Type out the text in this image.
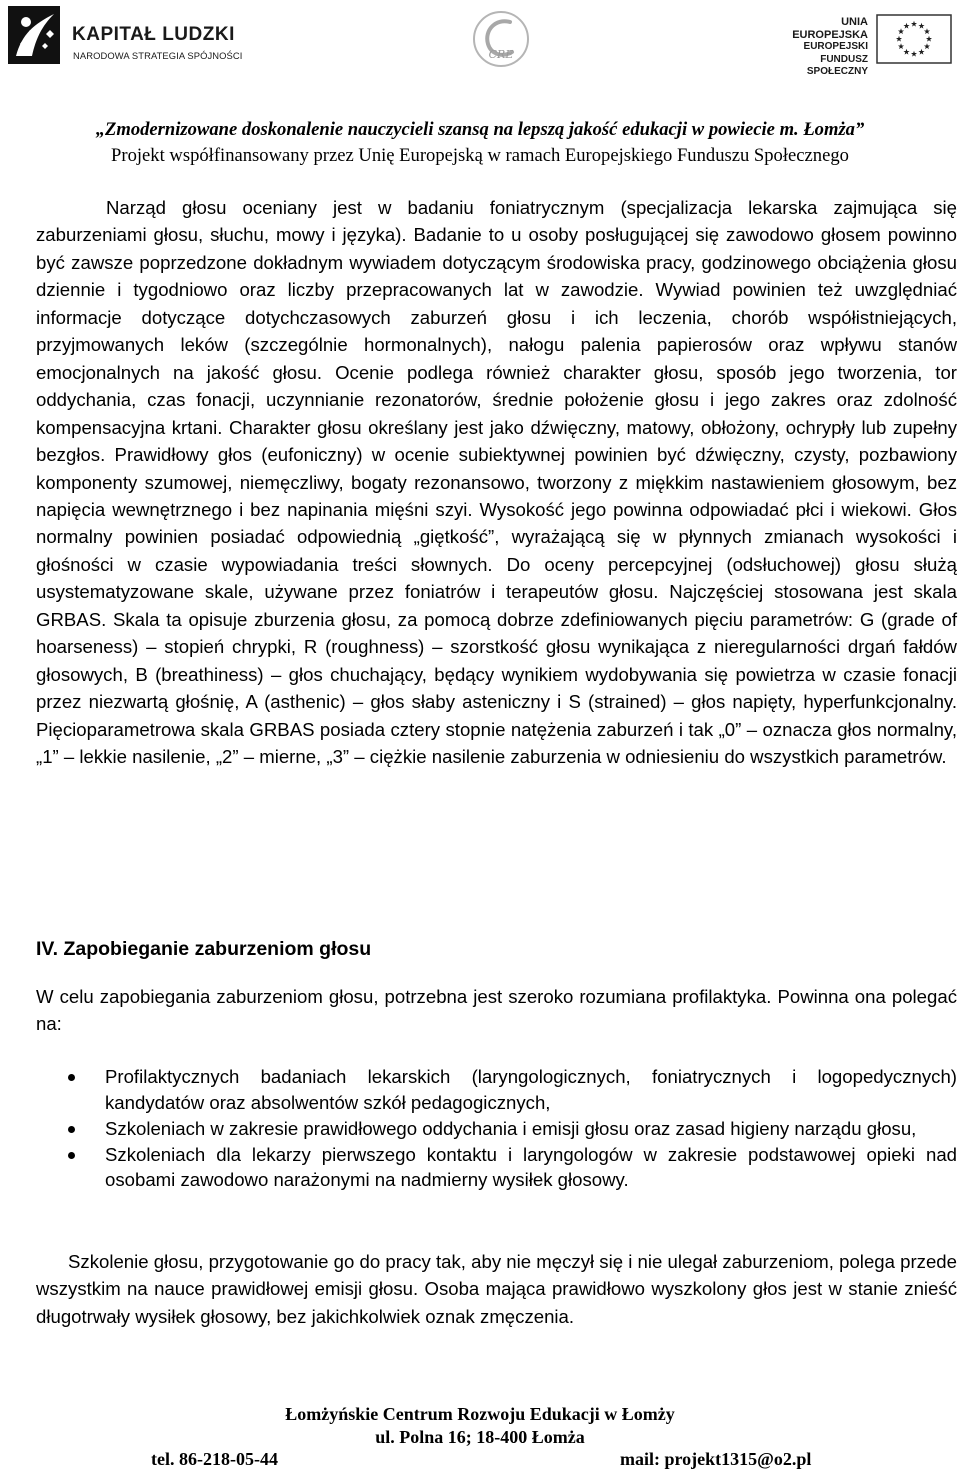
KAPITAŁ LUDZKI
NARODOWA STRATEGIA SPÓJNOŚCI	CRE
UNIA EUROPEJSKA
EUROPEJSKI
FUNDUSZ SPOŁECZNY
„Zmodernizowane doskonalenie nauczycieli szansą na lepszą jakość edukacji w powiecie m. Łomża”
Projekt współfinansowany przez Unię Europejską w ramach Europejskiego Funduszu Społecznego
Narząd głosu oceniany jest w badaniu foniatrycznym (specjalizacja lekarska zajmująca się zaburzeniami głosu, słuchu, mowy i języka). Badanie to u osoby posługującej się zawodowo głosem powinno być zawsze poprzedzone dokładnym wywiadem dotyczącym środowiska pracy, godzinowego obciążenia głosu dziennie i tygodniowo oraz liczby przepracowanych lat w zawodzie. Wywiad powinien też uwzględniać informacje dotyczące dotychczasowych zaburzeń głosu i ich leczenia, chorób współistniejących, przyjmowanych leków (szczególnie hormonalnych), nałogu palenia papierosów oraz wpływu stanów emocjonalnych na jakość głosu. Ocenie podlega również charakter głosu, sposób jego tworzenia, tor oddychania, czas fonacji, uczynnianie rezonatorów, średnie położenie głosu i jego zakres oraz zdolność kompensacyjna krtani. Charakter głosu określany jest jako dźwięczny, matowy, obłożony, ochrypły lub zupełny bezgłos. Prawidłowy głos (eufoniczny) w ocenie subiektywnej powinien być dźwięczny, czysty, pozbawiony komponenty szumowej, niemęczliwy, bogaty rezonansowo, tworzony z miękkim nastawieniem głosowym, bez napięcia wewnętrznego i bez napinania mięśni szyi. Wysokość jego powinna odpowiadać płci i wiekowi. Głos normalny powinien posiadać odpowiednią „giętkość”, wyrażającą się w płynnych zmianach wysokości i głośności w czasie wypowiadania treści słownych. Do oceny percepcyjnej (odsłuchowej) głosu służą usystematyzowane skale, używane przez foniatrów i terapeutów głosu. Najczęściej stosowana jest skala GRBAS. Skala ta opisuje zburzenia głosu, za pomocą dobrze zdefiniowanych pięciu parametrów: G (grade of hoarseness) – stopień chrypki, R (roughness) – szorstkość głosu wynikająca z nieregularności drgań fałdów głosowych, B (breathiness) – głos chuchający, będący wynikiem wydobywania się powietrza w czasie fonacji przez niezwartą głośnię, A (asthenic) – głos słaby asteniczny i S (strained) – głos napięty, hyperfunkcjonalny. Pięcioparametrowa skala GRBAS posiada cztery stopnie natężenia zaburzeń i tak „0” – oznacza głos normalny, „1” – lekkie nasilenie, „2” – mierne, „3” – ciężkie nasilenie zaburzenia w odniesieniu do wszystkich parametrów.
IV. Zapobieganie zaburzeniom głosu
W celu zapobiegania zaburzeniom głosu, potrzebna jest szeroko rozumiana profilaktyka. Powinna ona polegać na:
Profilaktycznych badaniach lekarskich (laryngologicznych, foniatrycznych i logopedycznych) kandydatów oraz absolwentów szkół pedagogicznych,
Szkoleniach w zakresie prawidłowego oddychania i emisji głosu oraz zasad higieny narządu głosu,
Szkoleniach dla lekarzy pierwszego kontaktu i laryngologów w zakresie podstawowej opieki nad osobami zawodowo narażonymi na nadmierny wysiłek głosowy.
Szkolenie głosu, przygotowanie go do pracy tak, aby nie męczył się i nie ulegał zaburzeniom, polega przede wszystkim na nauce prawidłowej emisji głosu. Osoba mająca prawidłowo wyszkolony głos jest w stanie znieść długotrwały wysiłek głosowy, bez jakichkolwiek oznak zmęczenia.
Łomżyńskie Centrum Rozwoju Edukacji w Łomży
ul. Polna 16; 18-400 Łomża
tel. 86-218-05-44	mail: projekt1315@o2.pl
